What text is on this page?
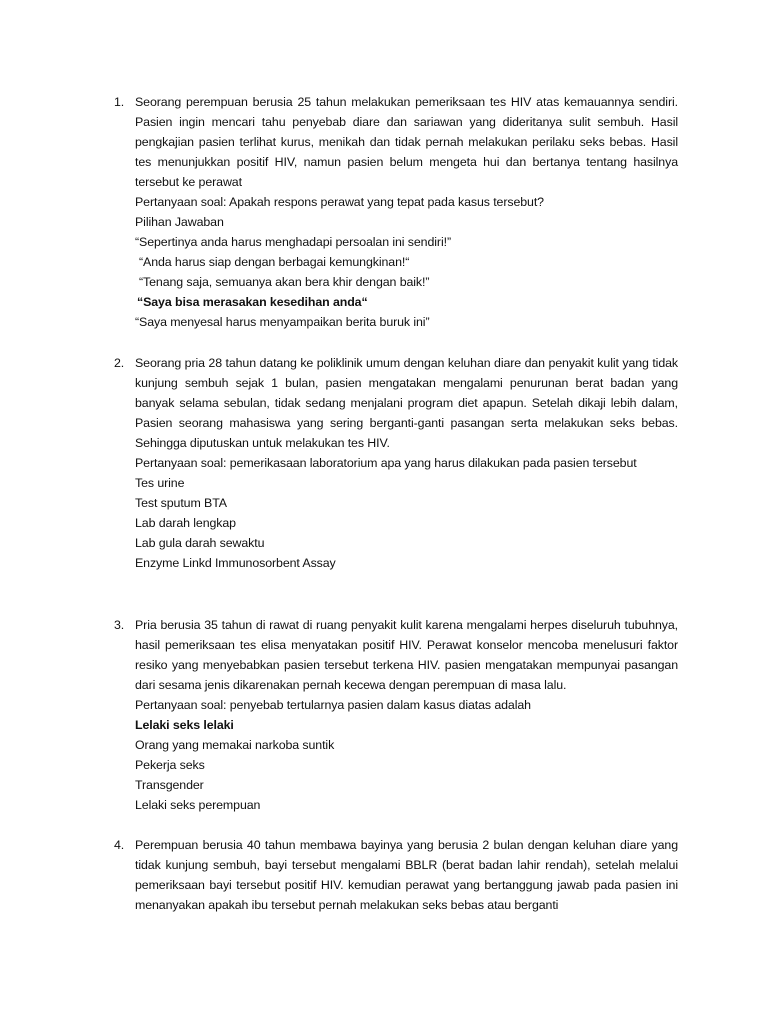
1. Seorang perempuan berusia 25 tahun melakukan pemeriksaan tes HIV atas kemauannya sendiri. Pasien ingin mencari tahu penyebab diare dan sariawan yang dideritanya sulit sembuh. Hasil pengkajian pasien terlihat kurus, menikah dan tidak pernah melakukan perilaku seks bebas. Hasil tes menunjukkan positif HIV, namun pasien belum mengeta hui dan bertanya tentang hasilnya tersebut ke perawat

Pertanyaan soal: Apakah respons perawat yang tepat pada kasus tersebut?

Pilihan Jawaban

“Sepertinya anda harus menghadapi persoalan ini sendiri!”
“Anda harus siap dengan berbagai kemungkinan!“
“Tenang saja, semuanya akan bera khir dengan baik!”
“Saya bisa merasakan kesedihan anda“
“Saya menyesal harus menyampaikan berita buruk ini”
2. Seorang pria 28 tahun datang ke poliklinik umum dengan keluhan diare dan penyakit kulit yang tidak kunjung sembuh sejak 1 bulan, pasien mengatakan mengalami penurunan berat badan yang banyak selama sebulan, tidak sedang menjalani program diet apapun. Setelah dikaji lebih dalam, Pasien seorang mahasiswa yang sering berganti-ganti pasangan serta melakukan seks bebas. Sehingga diputuskan untuk melakukan tes HIV.

Pertanyaan soal: pemerikasaan laboratorium apa yang harus dilakukan pada pasien tersebut

Tes urine
Test sputum BTA
Lab darah lengkap
Lab gula darah sewaktu
Enzyme Linkd Immunosorbent Assay
3. Pria berusia 35 tahun di rawat di ruang penyakit kulit karena mengalami herpes diseluruh tubuhnya, hasil pemeriksaan tes elisa menyatakan positif HIV. Perawat konselor mencoba menelusuri faktor resiko yang menyebabkan pasien tersebut terkena HIV. pasien mengatakan mempunyai pasangan dari sesama jenis dikarenakan pernah kecewa dengan perempuan di masa lalu.

Pertanyaan soal: penyebab tertularnya pasien dalam kasus diatas adalah

Lelaki seks lelaki
Orang yang memakai narkoba suntik
Pekerja seks
Transgender
Lelaki seks perempuan
4. Perempuan berusia 40 tahun membawa bayinya yang berusia 2 bulan dengan keluhan diare yang tidak kunjung sembuh, bayi tersebut mengalami BBLR (berat badan lahir rendah), setelah melalui pemeriksaan bayi tersebut positif HIV. kemudian perawat yang bertanggung jawab pada pasien ini menanyakan apakah ibu tersebut pernah melakukan seks bebas atau berganti
